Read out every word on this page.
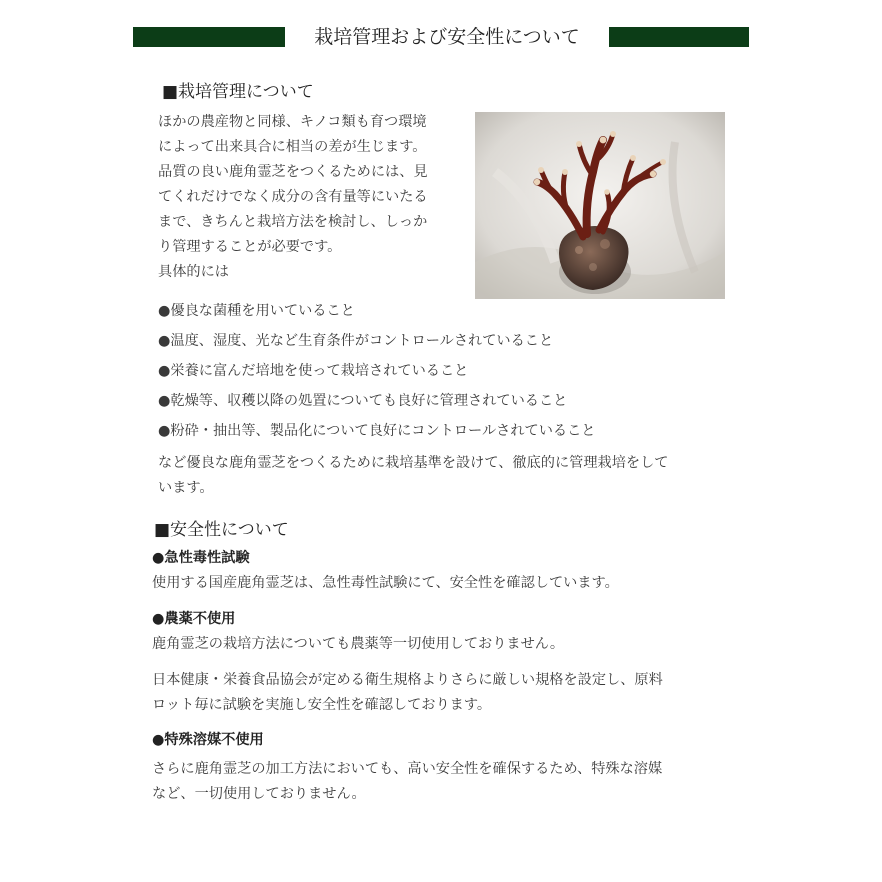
栽培管理および安全性について
■栽培管理について
ほかの農産物と同様、キノコ類も育つ環境
によって出来具合に相当の差が生じます。
品質の良い鹿角霊芝をつくるためには、見
てくれだけでなく成分の含有量等にいたる
まで、きちんと栽培方法を検討し、しっか
り管理することが必要です。
具体的には
●優良な菌種を用いていること
●温度、湿度、光など生育条件がコントロールされていること
●栄養に富んだ培地を使って栽培されていること
●乾燥等、収穫以降の処置についても良好に管理されていること
●粉砕・抽出等、製品化について良好にコントロールされていること
など優良な鹿角霊芝をつくるために栽培基準を設けて、徹底的に管理栽培をして
います。
■安全性について
●急性毒性試験
使用する国産鹿角霊芝は、急性毒性試験にて、安全性を確認しています。
●農薬不使用
鹿角霊芝の栽培方法についても農薬等一切使用しておりません。
日本健康・栄養食品協会が定める衛生規格よりさらに厳しい規格を設定し、原料
ロット毎に試験を実施し安全性を確認しております。
●特殊溶媒不使用
さらに鹿角霊芝の加工方法においても、高い安全性を確保するため、特殊な溶媒
など、一切使用しておりません。
